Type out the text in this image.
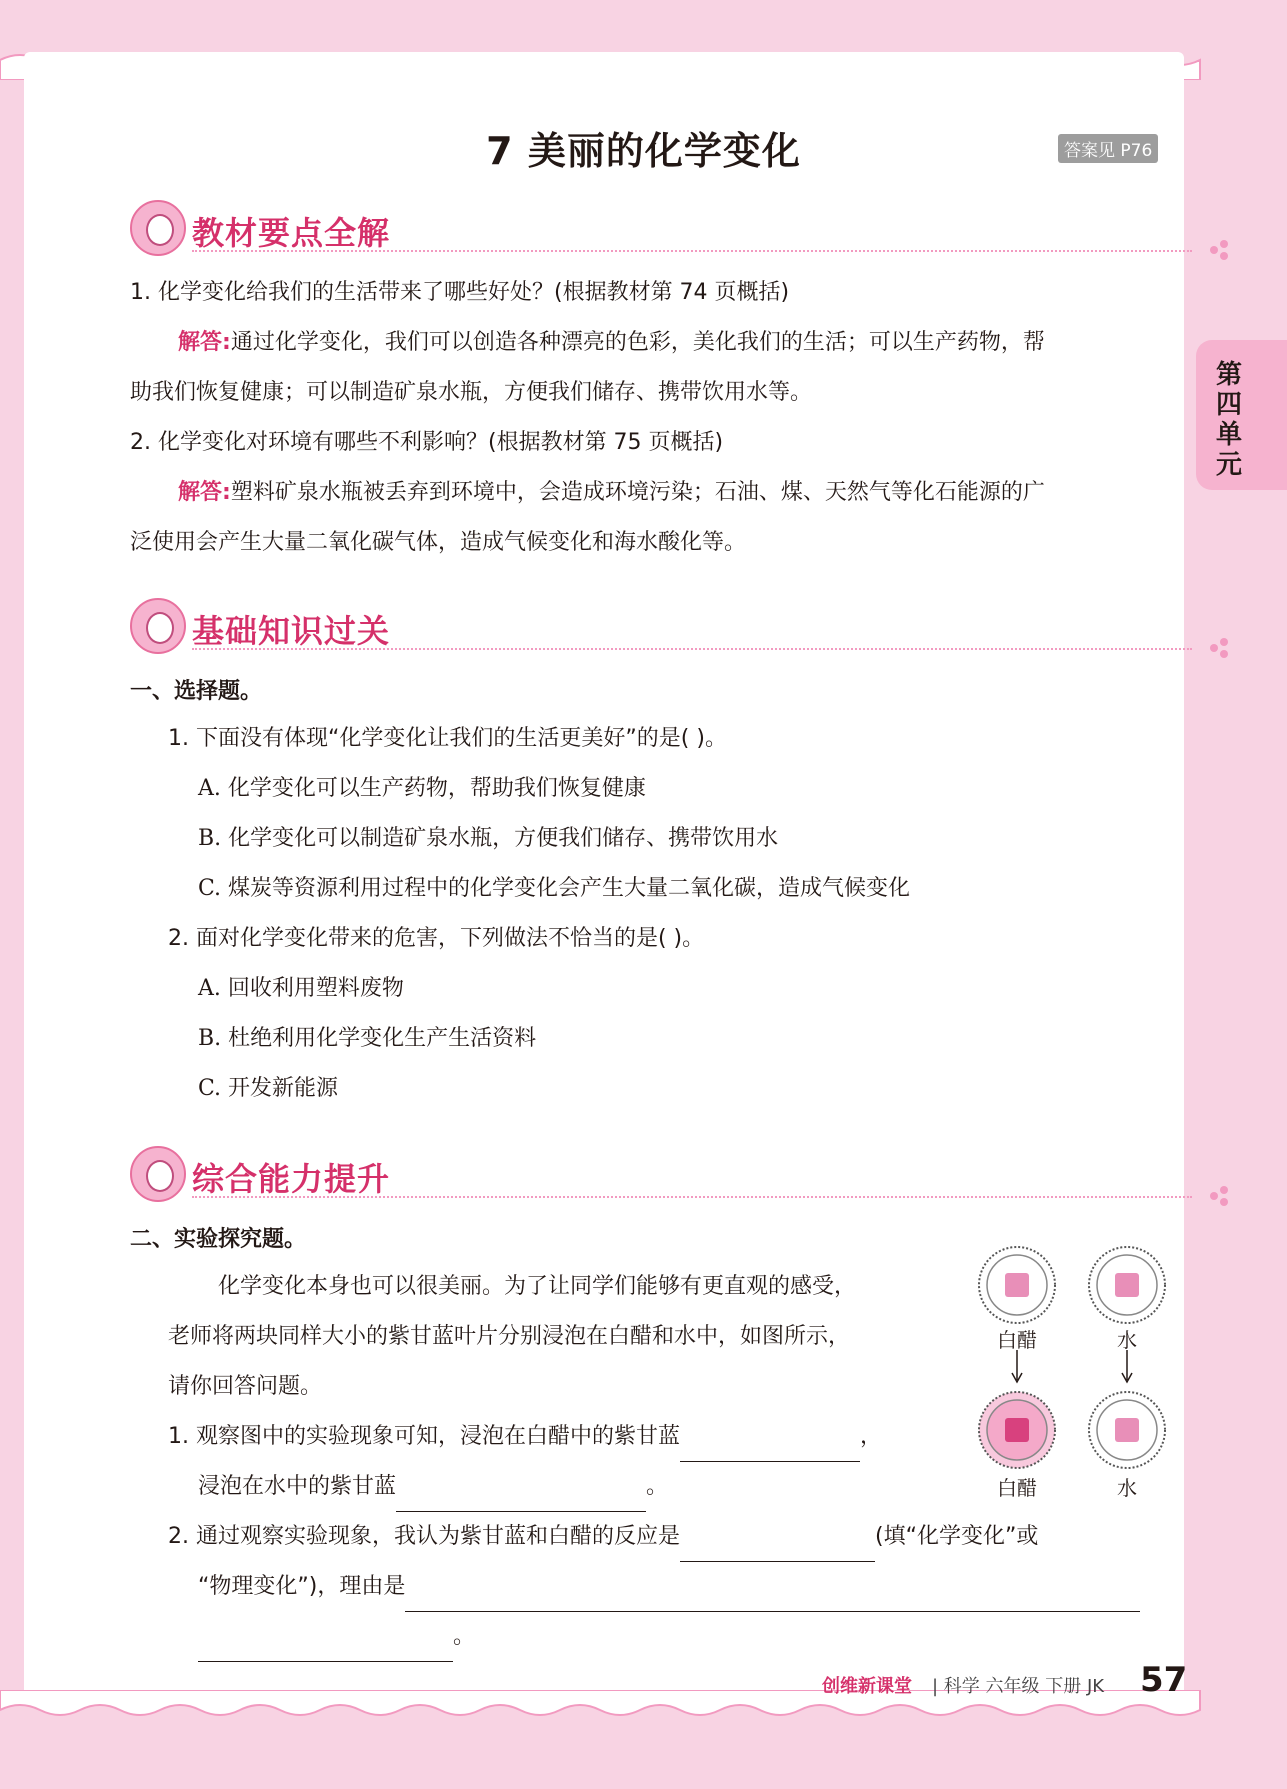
7 美丽的化学变化	答案见 P76
第四单元
教材要点全解
1. 化学变化给我们的生活带来了哪些好处？(根据教材第 74 页概括)
解答:通过化学变化，我们可以创造各种漂亮的色彩，美化我们的生活；可以生产药物，帮
助我们恢复健康；可以制造矿泉水瓶，方便我们储存、携带饮用水等。
2. 化学变化对环境有哪些不利影响？(根据教材第 75 页概括)
解答:塑料矿泉水瓶被丢弃到环境中，会造成环境污染；石油、煤、天然气等化石能源的广
泛使用会产生大量二氧化碳气体，造成气候变化和海水酸化等。
基础知识过关
一、选择题。
1. 下面没有体现“化学变化让我们的生活更美好”的是( )。
A. 化学变化可以生产药物，帮助我们恢复健康
B. 化学变化可以制造矿泉水瓶，方便我们储存、携带饮用水
C. 煤炭等资源利用过程中的化学变化会产生大量二氧化碳，造成气候变化
2. 面对化学变化带来的危害，下列做法不恰当的是( )。
A. 回收利用塑料废物
B. 杜绝利用化学变化生产生活资料
C. 开发新能源
综合能力提升
二、实验探究题。
化学变化本身也可以很美丽。为了让同学们能够有更直观的感受，
老师将两块同样大小的紫甘蓝叶片分别浸泡在白醋和水中，如图所示，
请你回答问题。
1. 观察图中的实验现象可知，浸泡在白醋中的紫甘蓝	，
浸泡在水中的紫甘蓝	。
2. 通过观察实验现象，我认为紫甘蓝和白醋的反应是	(填“化学变化”或
“物理变化”)，理由是
。
白醋	水
白醋	水
创维新课堂 | 科学 六年级 下册 JK 57
